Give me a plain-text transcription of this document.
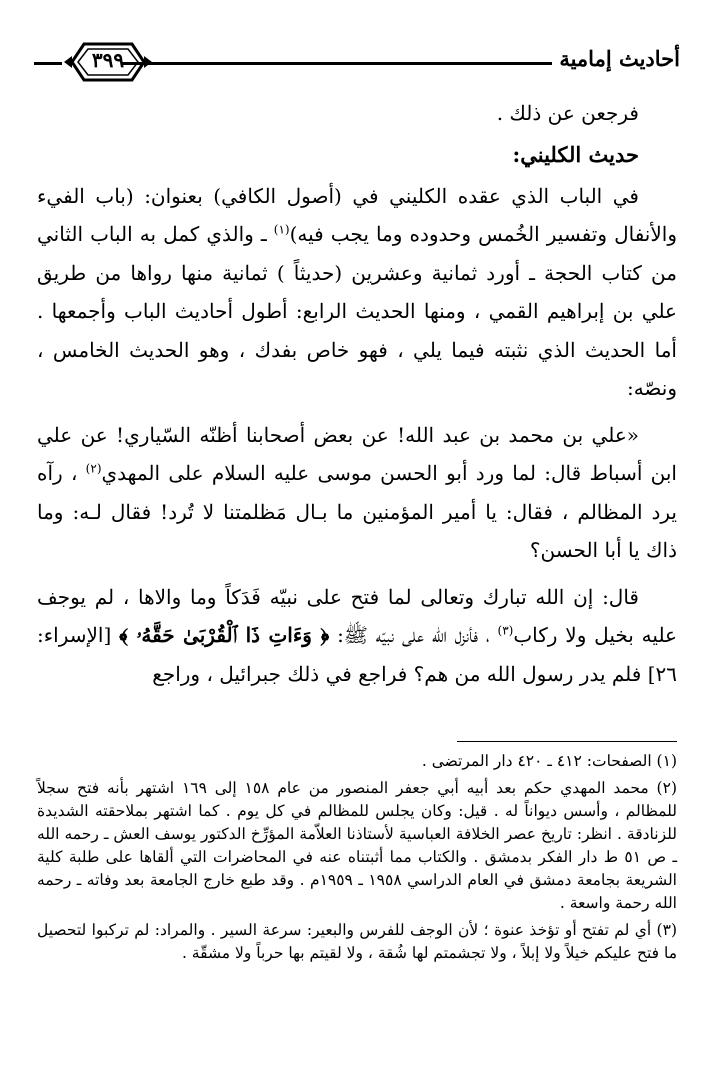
أحاديث إمامية
٣٩٩

فرجعن عن ذلك .

حديث الكليني:

في الباب الذي عقده الكليني في (أصول الكافي) بعنوان: (باب الفيء والأنفال وتفسير الخُمس وحدوده وما يجب فيه)$^{(١)}$ ـ والذي كمل به الباب الثاني من كتاب الحجة ـ أورد ثمانية وعشرين (حديثاً ) ثمانية منها رواها من طريق علي بن إبراهيم القمي ، ومنها الحديث الرابع: أطول أحاديث الباب وأجمعها . أما الحديث الذي نثبته فيما يلي ، فهو خاص بفدك ، وهو الحديث الخامس ، ونصّه:

«علي بن محمد بن عبد الله! عن بعض أصحابنا أظنّه السّياري! عن علي ابن أسباط قال: لما ورد أبو الحسن موسى عليه السلام على المهدي$^{(٢)}$ ، رآه يرد المظالم ، فقال: يا أمير المؤمنين ما بـال مَظلمتنا لا تُرد! فقال لـه: وما ذاك يا أبا الحسن؟

قال: إن الله تبارك وتعالى لما فتح على نبيّه فَدَكاً وما والاها ، لم يوجف عليه بخيل ولا ركاب$^{(٣)}$ ، فأنزل الله على نبيّه ﷺ: ﴿ وَءَاتِ ذَا ٱلْقُرْبَىٰ حَقَّهُۥ ﴾ [الإسراء: ٢٦] فلم يدر رسول الله من هم؟ فراجع في ذلك جبرائيل ، وراجع

(١) الصفحات: ٤١٢ ـ ٤٢٠ دار المرتضى .

(٢) محمد المهدي حكم بعد أبيه أبي جعفر المنصور من عام ١٥٨ إلى ١٦٩ اشتهر بأنه فتح سجلاً للمظالم ، وأسس ديواناً له . قيل: وكان يجلس للمظالم في كل يوم . كما اشتهر بملاحقته الشديدة للزنادقة . انظر: تاريخ عصر الخلافة العباسية لأستاذنا العلاّمة المؤرِّخ الدكتور يوسف العش ـ رحمه الله ـ ص ٥١ ط دار الفكر بدمشق . والكتاب مما أثبتناه عنه في المحاضرات التي ألقاها على طلبة كلية الشريعة بجامعة دمشق في العام الدراسي ١٩٥٨ ـ ١٩٥٩م . وقد طبع خارج الجامعة بعد وفاته ـ رحمه الله رحمة واسعة .

(٣) أي لم تفتح أو تؤخذ عنوة ؛ لأن الوجف للفرس والبعير: سرعة السير . والمراد: لم تركبوا لتحصيل ما فتح عليكم خيلاً ولا إبلاً ، ولا تجشمتم لها شُقة ، ولا لقيتم بها حرباً ولا مشقّة .
